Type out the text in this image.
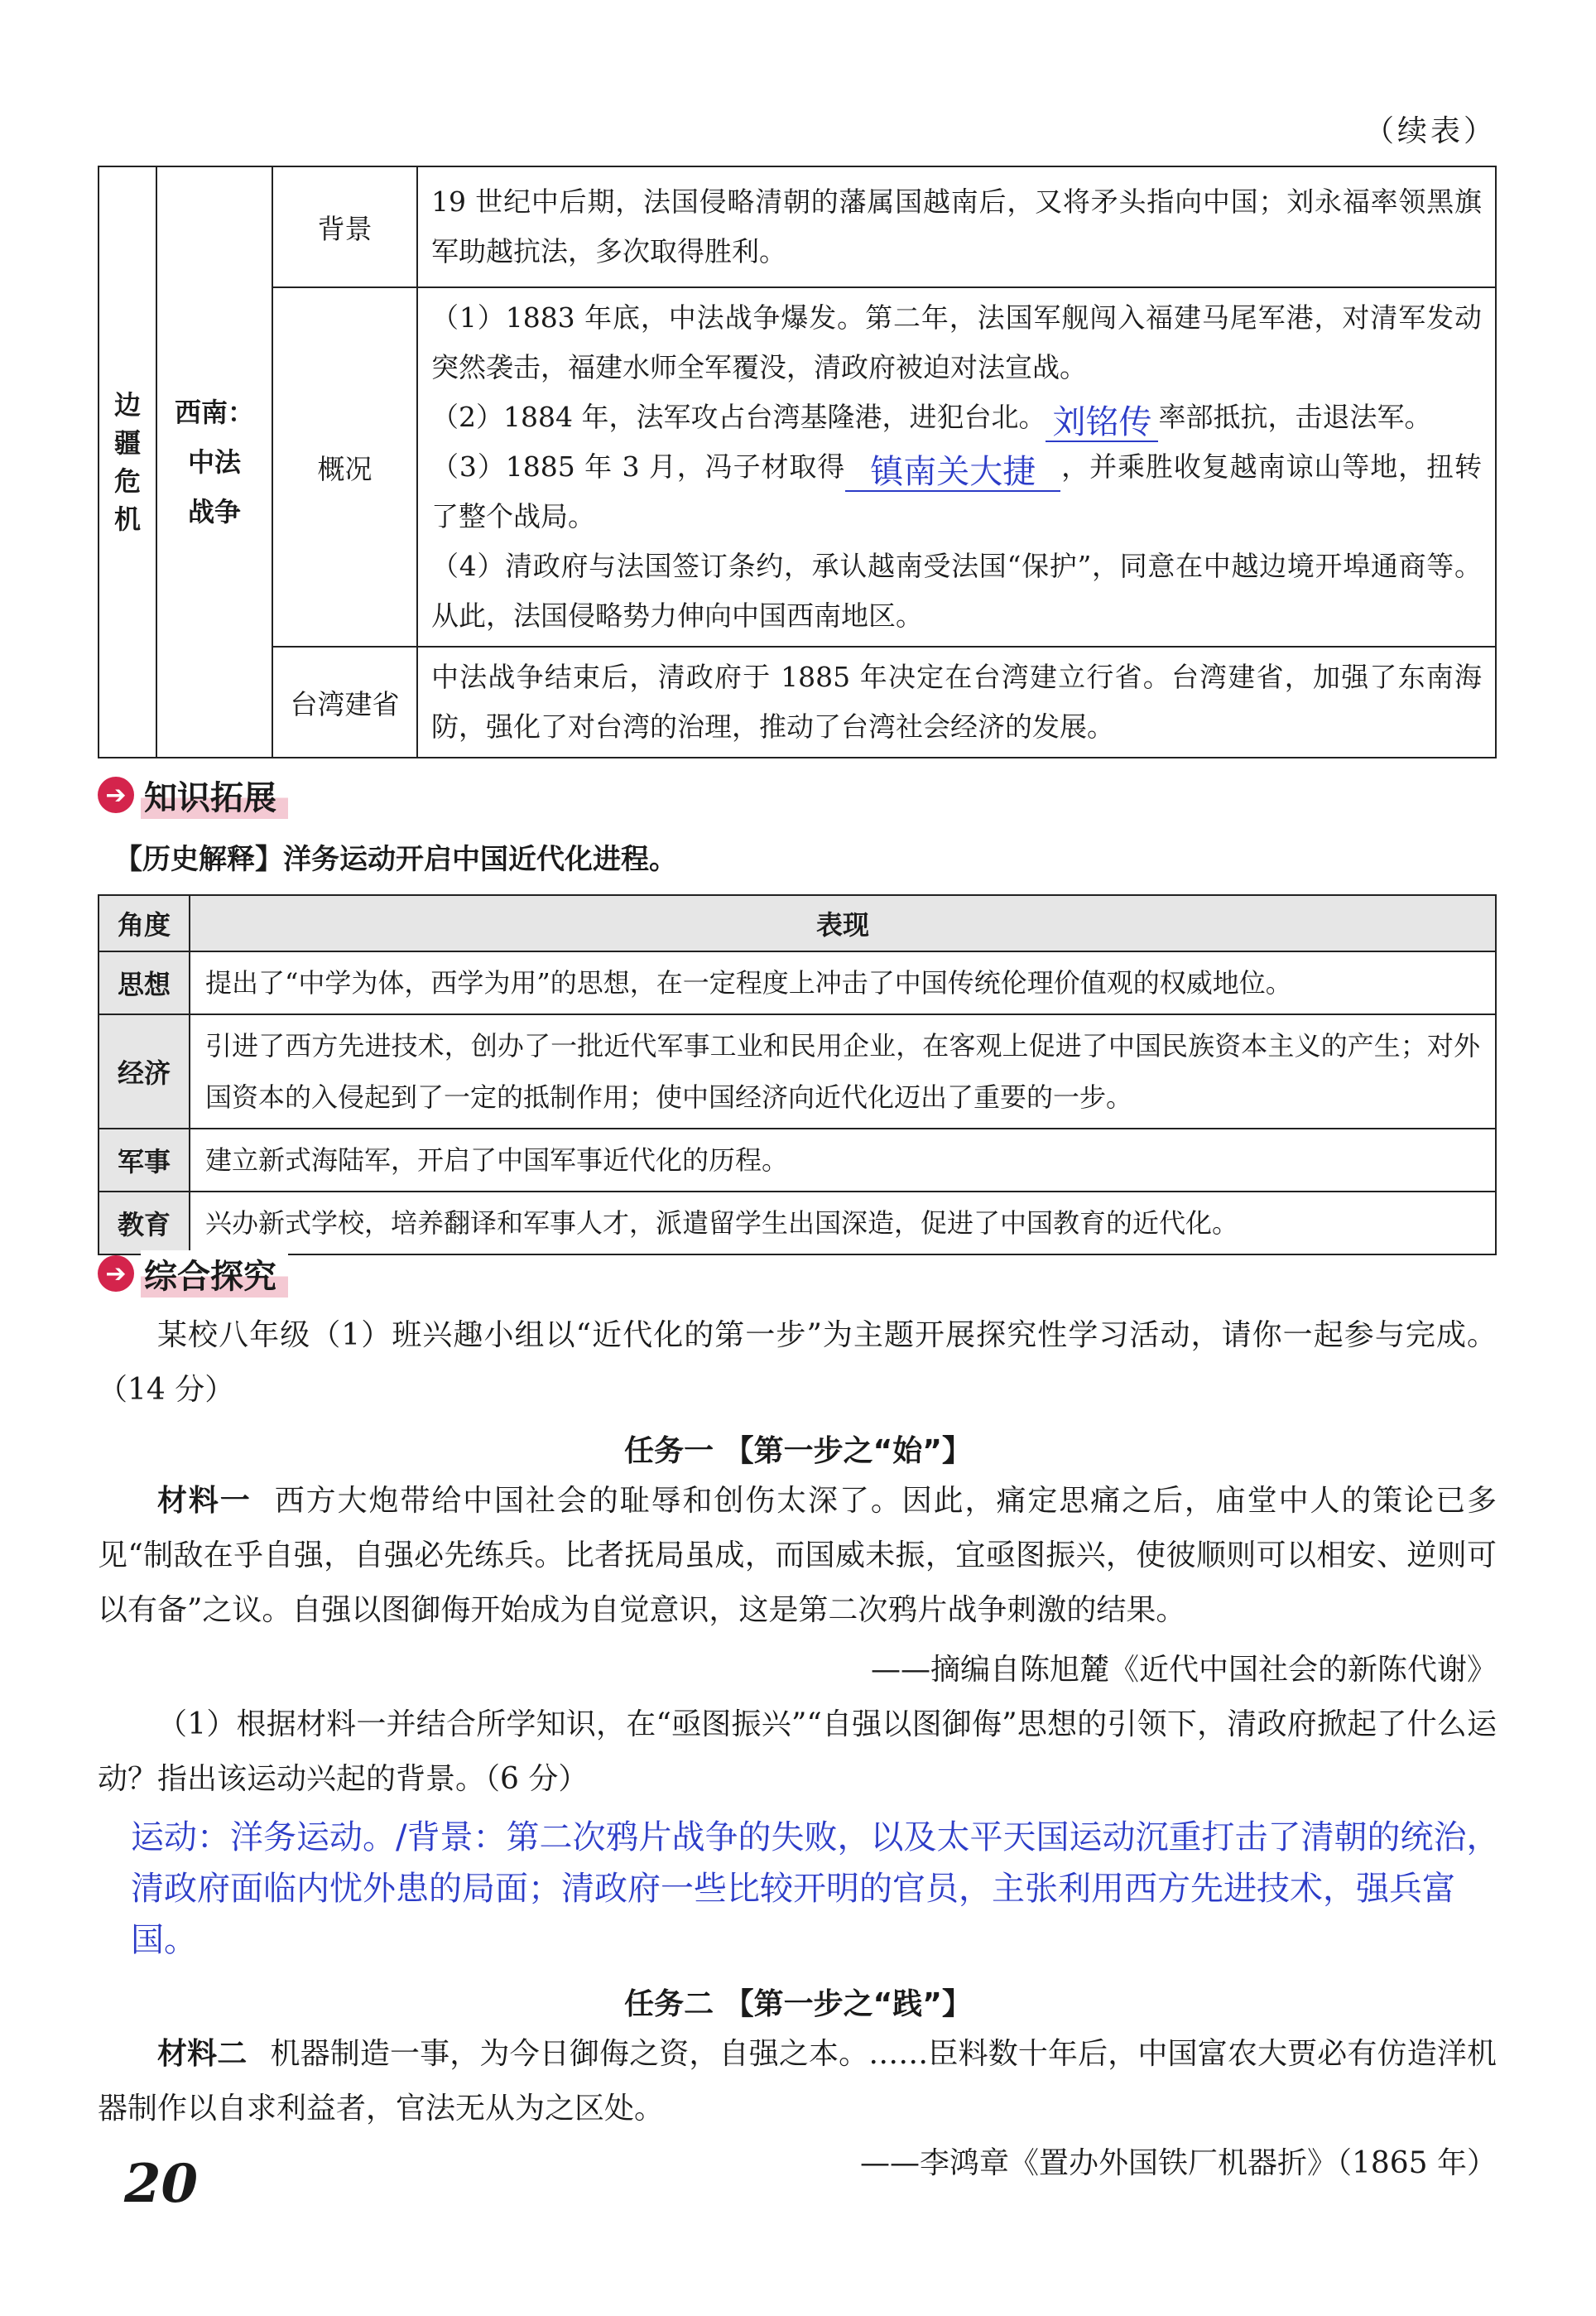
（续表）
边疆危机	西南：
中法
战争	背景	19 世纪中后期，法国侵略清朝的藩属国越南后，又将矛头指向中国；刘永福率领黑旗军助越抗法，多次取得胜利。
		概况	（1）1883 年底，中法战争爆发。第二年，法国军舰闯入福建马尾军港，对清军发动突然袭击，福建水师全军覆没，清政府被迫对法宣战。

（2）1884 年，法军攻占台湾基隆港，进犯台北。 刘铭传 率部抵抗，击退法军。

（3）1885 年 3 月，冯子材取得 镇南关大捷 ，并乘胜收复越南谅山等地，扭转了整个战局。

（4）清政府与法国签订条约，承认越南受法国“保护”，同意在中越边境开埠通商等。从此，法国侵略势力伸向中国西南地区。

		台湾建省	中法战争结束后，清政府于 1885 年决定在台湾建立行省。台湾建省，加强了东南海防，强化了对台湾的治理，推动了台湾社会经济的发展。
➔ 知识拓展
【历史解释】洋务运动开启中国近代化进程。
角度	表现
思想	提出了“中学为体，西学为用”的思想，在一定程度上冲击了中国传统伦理价值观的权威地位。
经济	引进了西方先进技术，创办了一批近代军事工业和民用企业，在客观上促进了中国民族资本主义的产生；对外国资本的入侵起到了一定的抵制作用；使中国经济向近代化迈出了重要的一步。
军事	建立新式海陆军，开启了中国军事近代化的历程。
教育	兴办新式学校，培养翻译和军事人才，派遣留学生出国深造，促进了中国教育的近代化。
➔ 综合探究
某校八年级（1）班兴趣小组以“近代化的第一步”为主题开展探究性学习活动，请你一起参与完成。（14 分）
任务一 【第一步之“始”】
材料一 西方大炮带给中国社会的耻辱和创伤太深了。因此，痛定思痛之后，庙堂中人的策论已多见“制敌在乎自强，自强必先练兵。比者抚局虽成，而国威未振，宜亟图振兴，使彼顺则可以相安、逆则可以有备”之议。自强以图御侮开始成为自觉意识，这是第二次鸦片战争刺激的结果。
——摘编自陈旭麓《近代中国社会的新陈代谢》
（1）根据材料一并结合所学知识，在“亟图振兴”“自强以图御侮”思想的引领下，清政府掀起了什么运动？指出该运动兴起的背景。（6 分）
运动：洋务运动。/背景：第二次鸦片战争的失败，以及太平天国运动沉重打击了清朝的统治，清政府面临内忧外患的局面；清政府一些比较开明的官员，主张利用西方先进技术，强兵富国。
任务二 【第一步之“践”】
材料二 机器制造一事，为今日御侮之资，自强之本。……臣料数十年后，中国富农大贾必有仿造洋机器制作以自求利益者，官法无从为之区处。
——李鸿章《置办外国铁厂机器折》（1865 年）
20
